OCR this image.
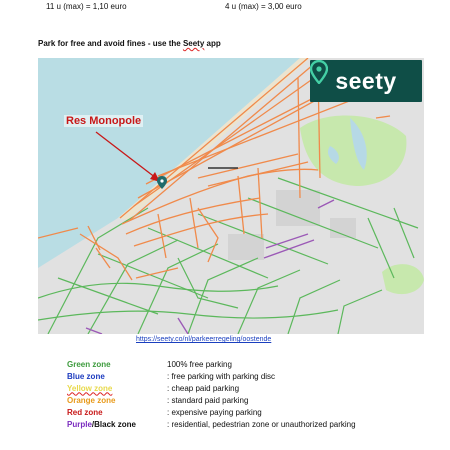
11 u (max) = 1,10 euro	4 u (max) = 3,00 euro
Park for free and avoid fines - use the Seety app
seety
Res Monopole
https://seety.co/nl/parkeerregeling/oostende
Green zone	100% free parking
Blue zone	: free parking with parking disc
Yellow zone	: cheap paid parking
Orange zone	: standard paid parking
Red zone	: expensive paying parking
Purple/Black zone	: residential, pedestrian zone or unauthorized parking
